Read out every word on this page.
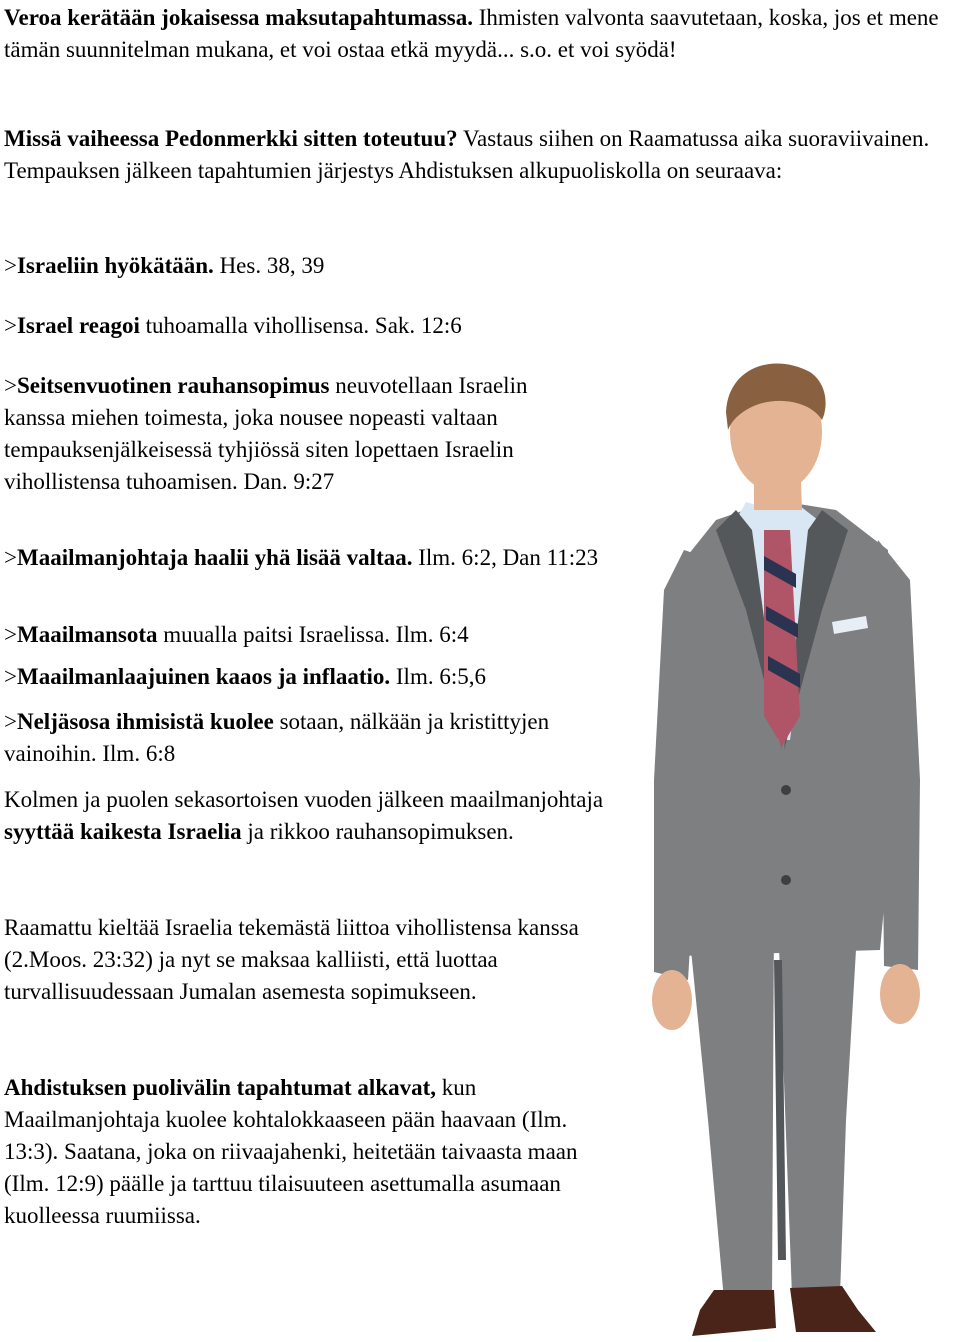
Veroa kerätään jokaisessa maksutapahtumassa. Ihmisten valvonta saavutetaan, koska, jos et mene tämän suunnitelman mukana, et voi ostaa etkä myydä... s.o. et voi syödä!

Missä vaiheessa Pedonmerkki sitten toteutuu? Vastaus siihen on Raamatussa aika suoraviivainen. Tempauksen jälkeen tapahtumien järjestys Ahdistuksen alkupuoliskolla on seuraava:

>Israeliin hyökätään. Hes. 38, 39

>Israel reagoi tuhoamalla vihollisensa. Sak. 12:6

>Seitsenvuotinen rauhansopimus neuvotellaan Israelin kanssa miehen toimesta, joka nousee nopeasti valtaan tempauksenjälkeisessä tyhjiössä siten lopettaen Israelin vihollistensa tuhoamisen. Dan. 9:27

>Maailmanjohtaja haalii yhä lisää valtaa. Ilm. 6:2, Dan 11:23

>Maailmansota muualla paitsi Israelissa. Ilm. 6:4

>Maailmanlaajuinen kaaos ja inflaatio. Ilm. 6:5,6

>Neljäsosa ihmisistä kuolee sotaan, nälkään ja kristittyjen vainoihin. Ilm. 6:8

Kolmen ja puolen sekasortoisen vuoden jälkeen maailmanjohtaja syyttää kaikesta Israelia ja rikkoo rauhansopimuksen.

Raamattu kieltää Israelia tekemästä liittoa vihollistensa kanssa (2.Moos. 23:32) ja nyt se maksaa kalliisti, että luottaa turvallisuudessaan Jumalan asemesta sopimukseen.

Ahdistuksen puolivälin tapahtumat alkavat, kun Maailmanjohtaja kuolee kohtalokkaaseen pään haavaan (Ilm. 13:3). Saatana, joka on riivaajahenki, heitetään taivaasta maan (Ilm. 12:9) päälle ja tarttuu tilaisuuteen asettumalla asumaan kuolleessa ruumiissa.
